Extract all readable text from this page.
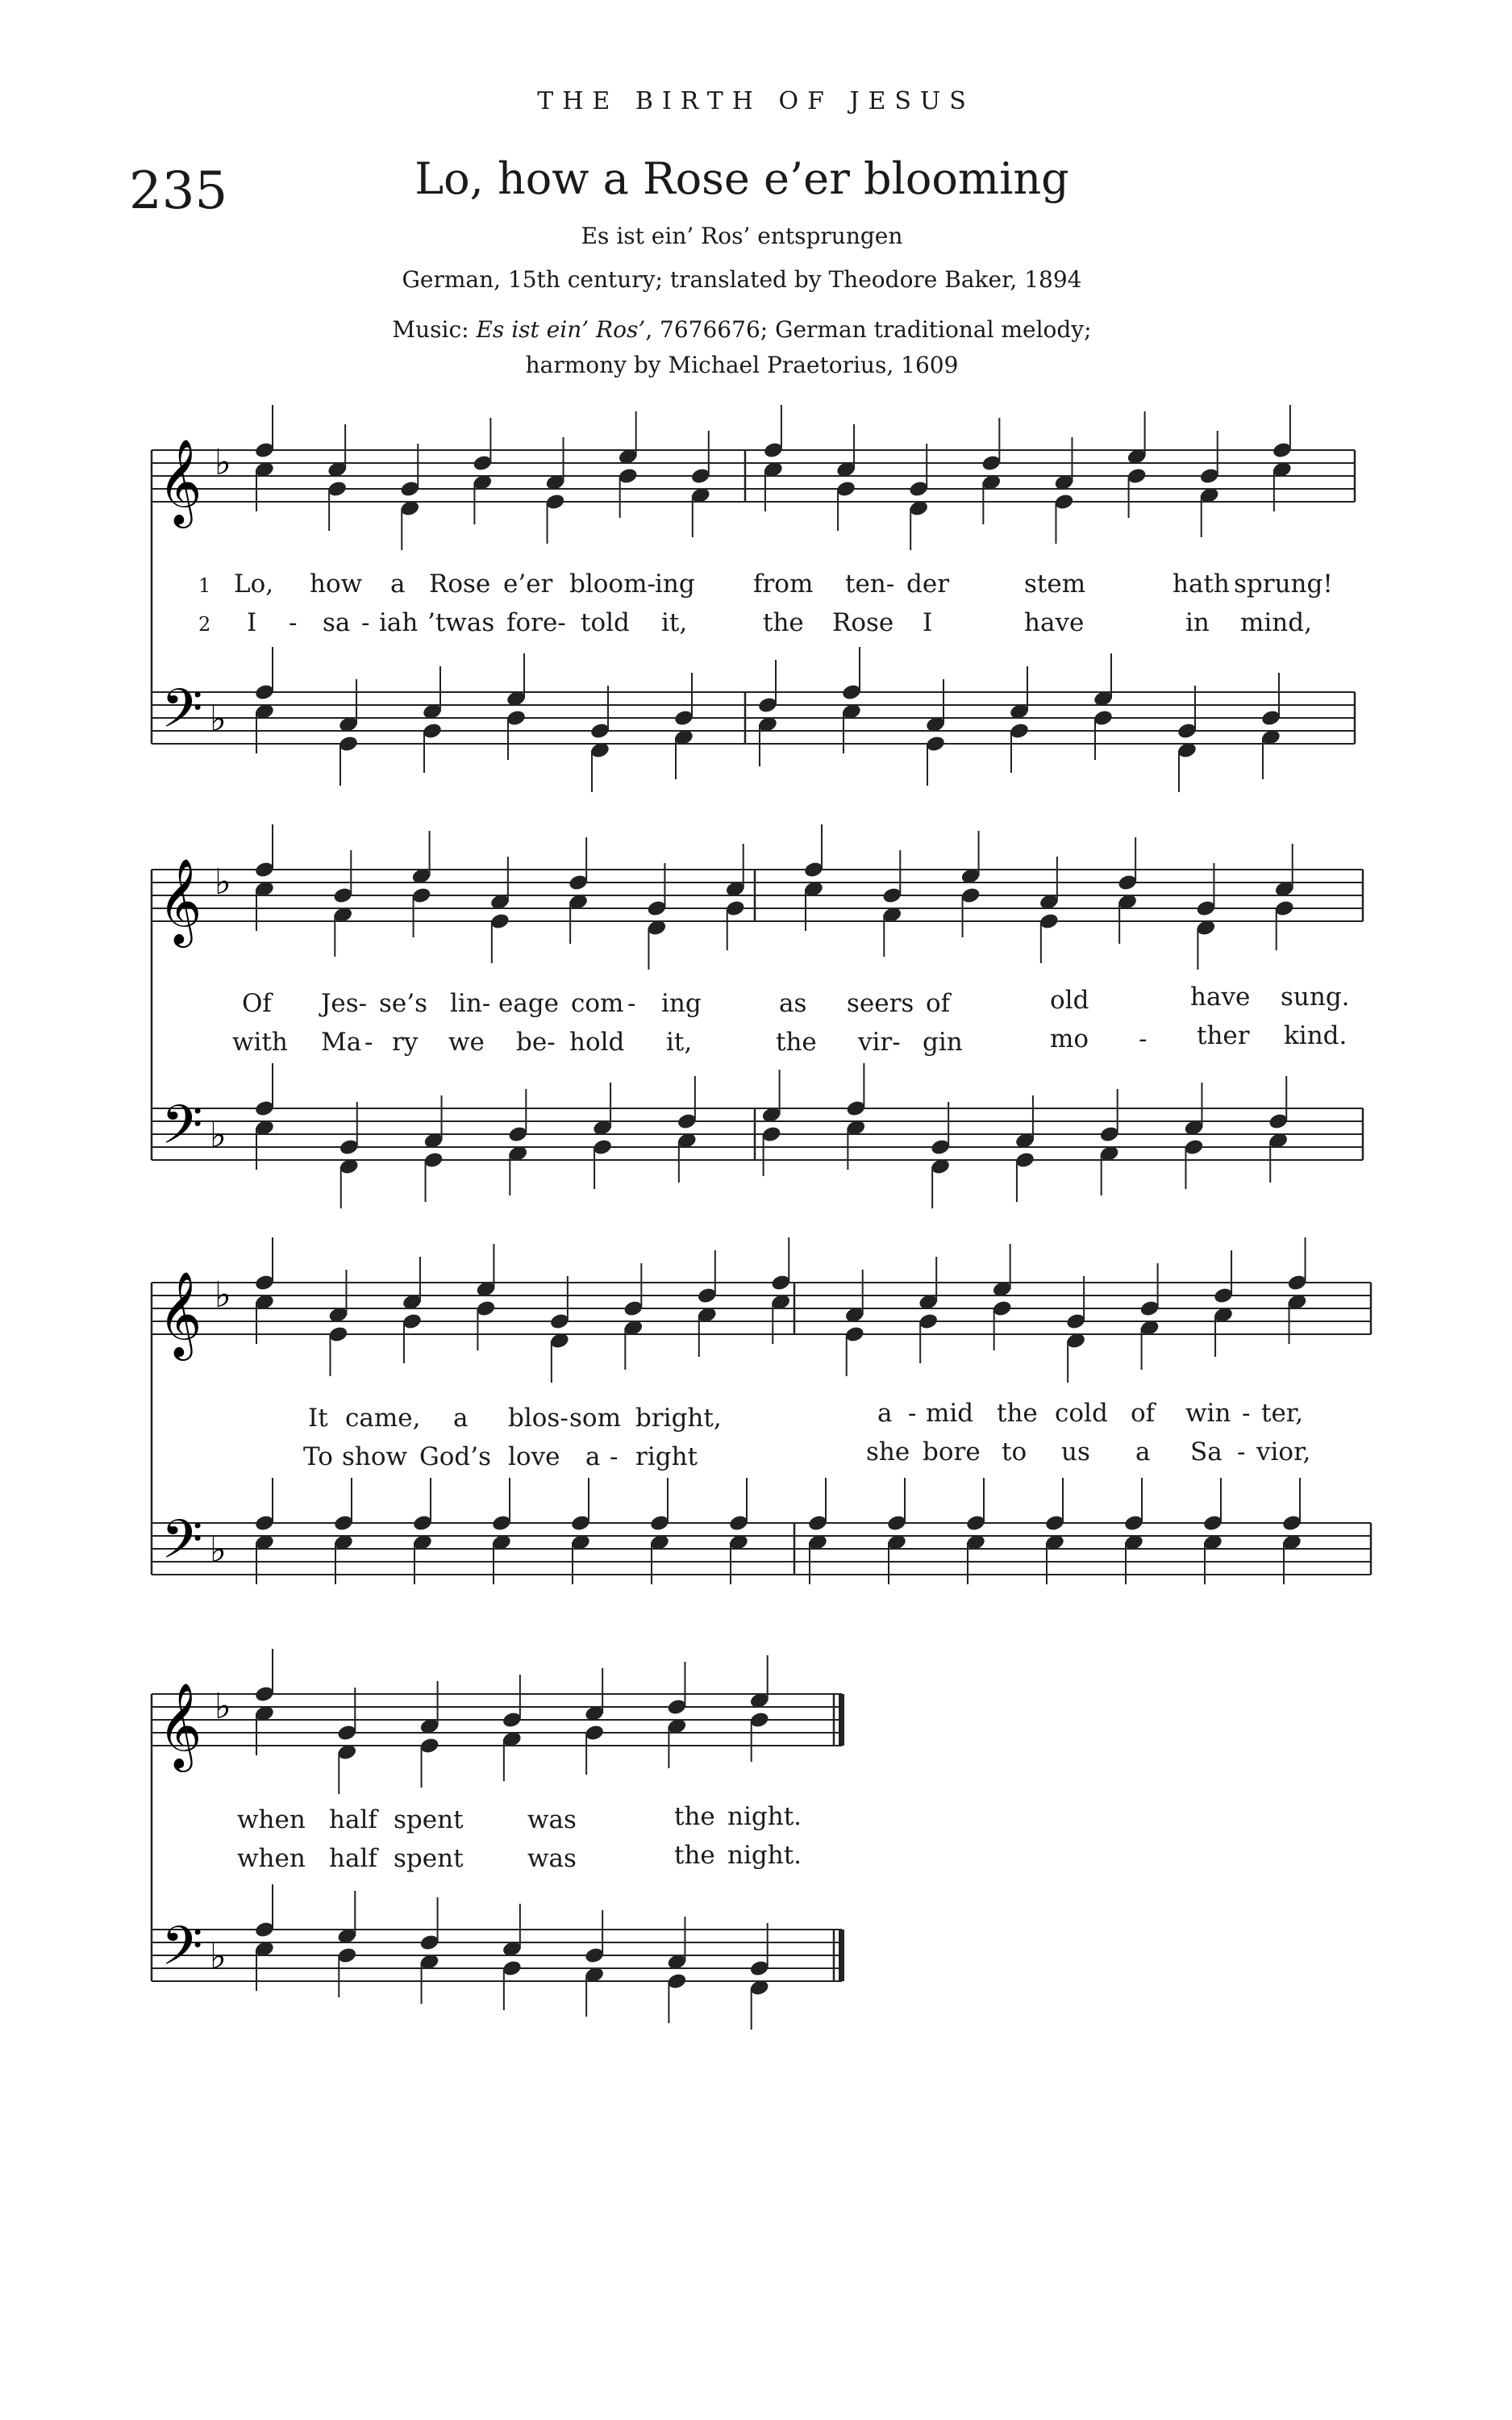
THE BIRTH OF JESUS
235	Lo, how a Rose e’er blooming
Es ist ein’ Ros’ entsprungen
German, 15th century; translated by Theodore Baker, 1894
Music: Es ist ein’ Ros’, 7676676; German traditional melody;
harmony by Michael Praetorius, 1609
𝄞
𝄢
♭
♭
𝄞
𝄢
♭
♭
𝄞
𝄢
♭
♭
𝄞
𝄢
♭
♭
1
2
Lo, how a Rose e’er bloom- ing from ten- der	stem	hath sprung!
I - sa - iah ’twas fore- told it,	the Rose I	have	in mind,
Of Jes- se’s lin- eage com - ing	as seers of	old	have sung.
with Ma - ry we be- hold it,	the vir- gin	mo - ther kind.
It came, a blos- som bright,	a - mid the cold of win - ter,
To show God’s love a - right	she bore to us a Sa - vior,
when half spent	was	the night.
when half spent	was	the night.
